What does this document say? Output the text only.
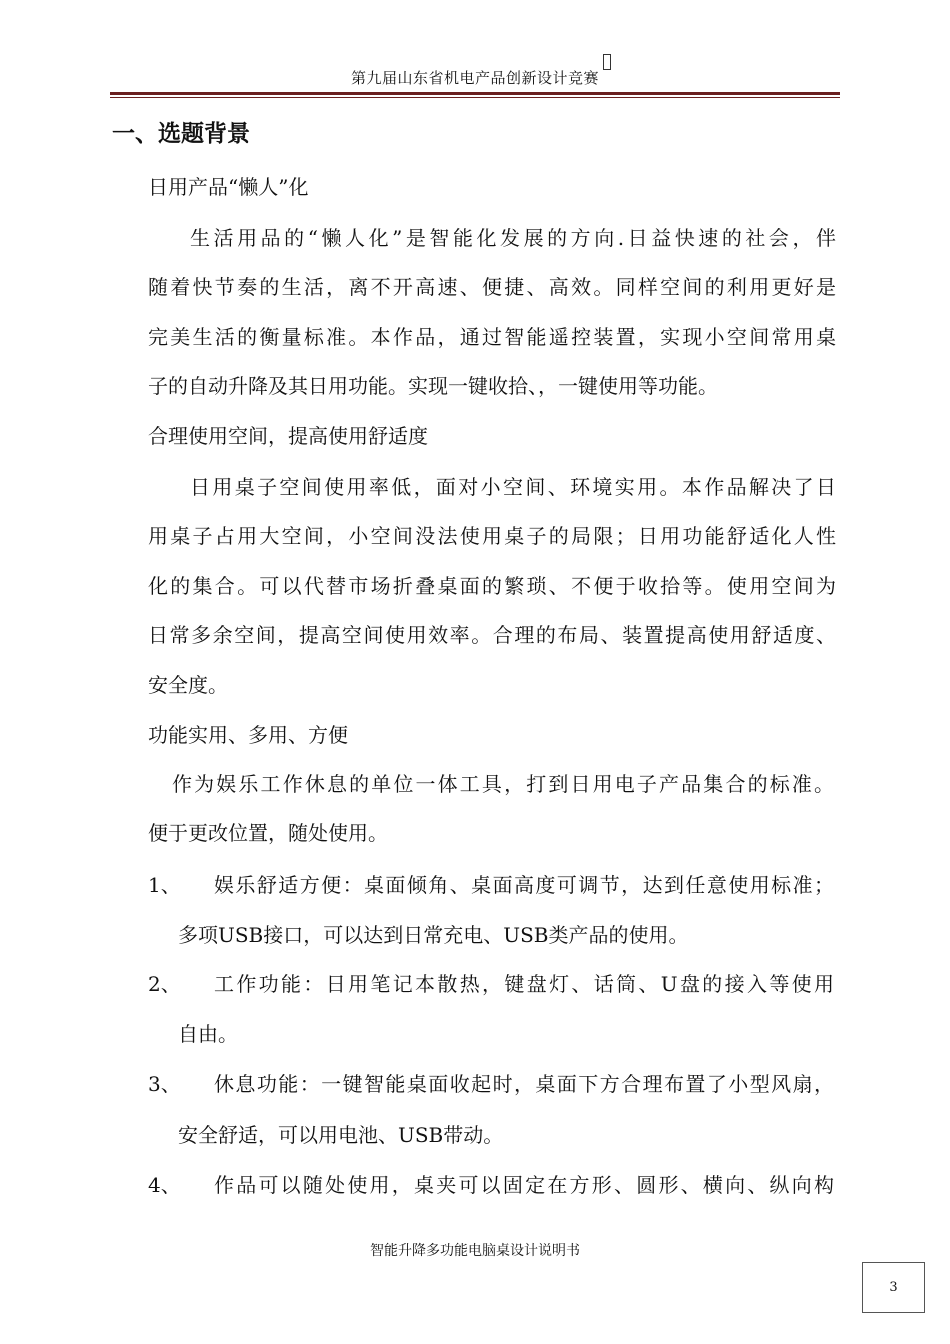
第九届山东省机电产品创新设计竞赛
一、选题背景
日用产品“懒人”化
生活用品的“懒人化”是智能化发展的方向.日益快速的社会，伴
随着快节奏的生活，离不开高速、便捷、高效。同样空间的利用更好是
完美生活的衡量标准。本作品，通过智能遥控装置，实现小空间常用桌
子的自动升降及其日用功能。实现一键收拾、，一键使用等功能。
合理使用空间，提高使用舒适度
日用桌子空间使用率低，面对小空间、环境实用。本作品解决了日
用桌子占用大空间，小空间没法使用桌子的局限；日用功能舒适化人性
化的集合。可以代替市场折叠桌面的繁琐、不便于收拾等。使用空间为
日常多余空间，提高空间使用效率。合理的布局、装置提高使用舒适度、
安全度。
功能实用、多用、方便
作为娱乐工作休息的单位一体工具，打到日用电子产品集合的标准。
便于更改位置，随处使用。
1、 娱乐舒适方便：桌面倾角、桌面高度可调节，达到任意使用标准；
多项USB接口，可以达到日常充电、USB类产品的使用。
2、 工作功能：日用笔记本散热，键盘灯、话筒、U盘的接入等使用
自由。
3、 休息功能：一键智能桌面收起时，桌面下方合理布置了小型风扇，
安全舒适，可以用电池、USB带动。
4、 作品可以随处使用，桌夹可以固定在方形、圆形、横向、纵向构
智能升降多功能电脑桌设计说明书
3
